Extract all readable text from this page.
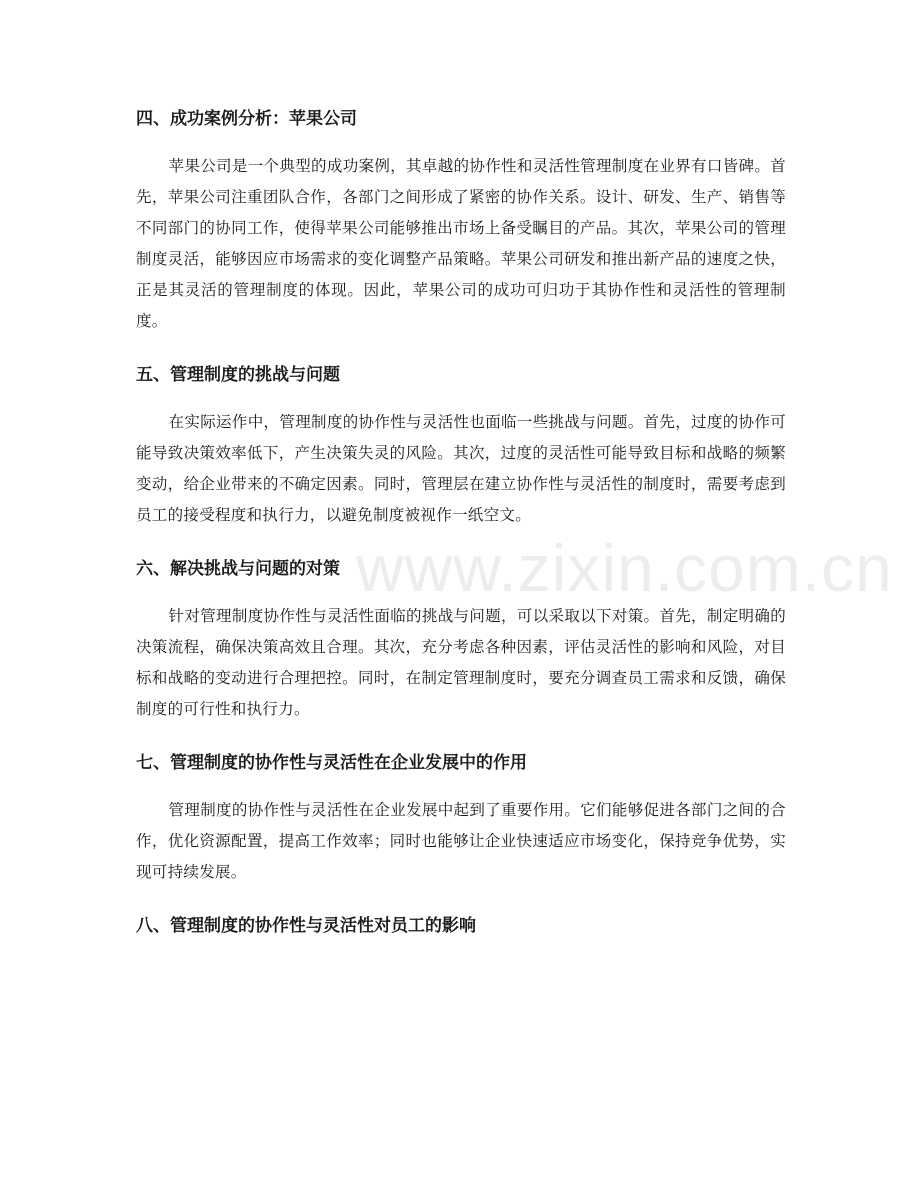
四、成功案例分析：苹果公司

苹果公司是一个典型的成功案例，其卓越的协作性和灵活性管理制度在业界有口皆碑。首先，苹果公司注重团队合作，各部门之间形成了紧密的协作关系。设计、研发、生产、销售等不同部门的协同工作，使得苹果公司能够推出市场上备受瞩目的产品。其次，苹果公司的管理制度灵活，能够因应市场需求的变化调整产品策略。苹果公司研发和推出新产品的速度之快，正是其灵活的管理制度的体现。因此，苹果公司的成功可归功于其协作性和灵活性的管理制度。

五、管理制度的挑战与问题

在实际运作中，管理制度的协作性与灵活性也面临一些挑战与问题。首先，过度的协作可能导致决策效率低下，产生决策失灵的风险。其次，过度的灵活性可能导致目标和战略的频繁变动，给企业带来的不确定因素。同时，管理层在建立协作性与灵活性的制度时，需要考虑到员工的接受程度和执行力，以避免制度被视作一纸空文。

六、解决挑战与问题的对策

针对管理制度协作性与灵活性面临的挑战与问题，可以采取以下对策。首先，制定明确的决策流程，确保决策高效且合理。其次，充分考虑各种因素，评估灵活性的影响和风险，对目标和战略的变动进行合理把控。同时，在制定管理制度时，要充分调查员工需求和反馈，确保制度的可行性和执行力。

七、管理制度的协作性与灵活性在企业发展中的作用

管理制度的协作性与灵活性在企业发展中起到了重要作用。它们能够促进各部门之间的合作，优化资源配置，提高工作效率；同时也能够让企业快速适应市场变化，保持竞争优势，实现可持续发展。

八、管理制度的协作性与灵活性对员工的影响
www.zixin.com.cn
